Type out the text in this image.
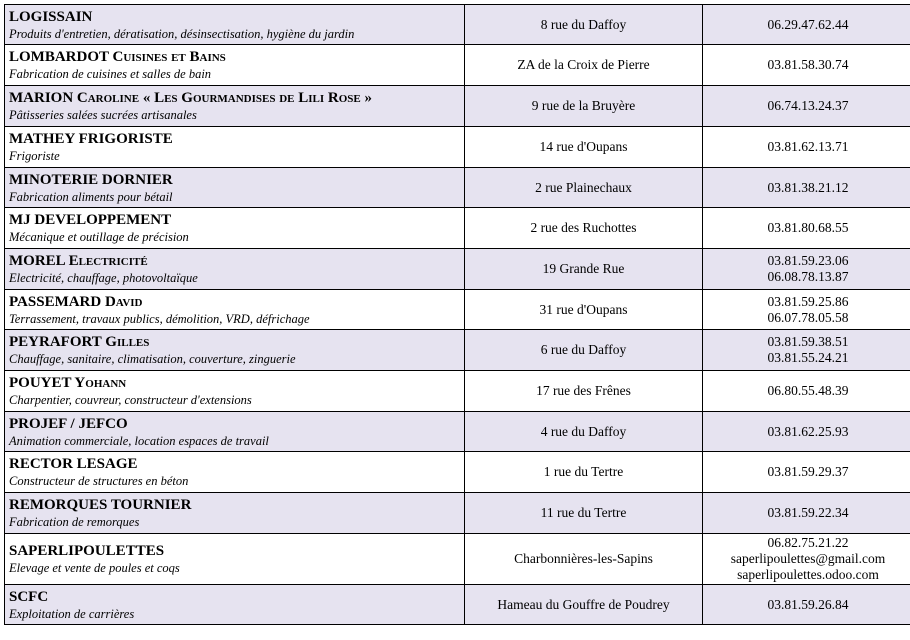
LOGISSAIN
Produits d'entretien, dératisation, désinsectisation, hygiène du jardin	8 rue du Daffoy	06.29.47.62.44

LOMBARDOT Cuisines et Bains
Fabrication de cuisines et salles de bain	ZA de la Croix de Pierre	03.81.58.30.74

MARION Caroline « Les Gourmandises de Lili Rose »
Pâtisseries salées sucrées artisanales	9 rue de la Bruyère	06.74.13.24.37

MATHEY FRIGORISTE
Frigoriste	14 rue d'Oupans	03.81.62.13.71

MINOTERIE DORNIER
Fabrication aliments pour bétail	2 rue Plainechaux	03.81.38.21.12

MJ DEVELOPPEMENT
Mécanique et outillage de précision	2 rue des Ruchottes	03.81.80.68.55

MOREL Electricité
Electricité, chauffage, photovoltaïque	19 Grande Rue	03.81.59.23.06
06.08.78.13.87

PASSEMARD David
Terrassement, travaux publics, démolition, VRD, défrichage	31 rue d'Oupans	03.81.59.25.86
06.07.78.05.58

PEYRAFORT Gilles
Chauffage, sanitaire, climatisation, couverture, zinguerie	6 rue du Daffoy	03.81.59.38.51
03.81.55.24.21

POUYET Yohann
Charpentier, couvreur, constructeur d'extensions	17 rue des Frênes	06.80.55.48.39

PROJEF / JEFCO
Animation commerciale, location espaces de travail	4 rue du Daffoy	03.81.62.25.93

RECTOR LESAGE
Constructeur de structures en béton	1 rue du Tertre	03.81.59.29.37

REMORQUES TOURNIER
Fabrication de remorques	11 rue du Tertre	03.81.59.22.34

SAPERLIPOULETTES
Elevage et vente de poules et coqs	Charbonnières-les-Sapins	06.82.75.21.22
saperlipoulettes@gmail.com
saperlipoulettes.odoo.com

SCFC
Exploitation de carrières	Hameau du Gouffre de Poudrey	03.81.59.26.84
